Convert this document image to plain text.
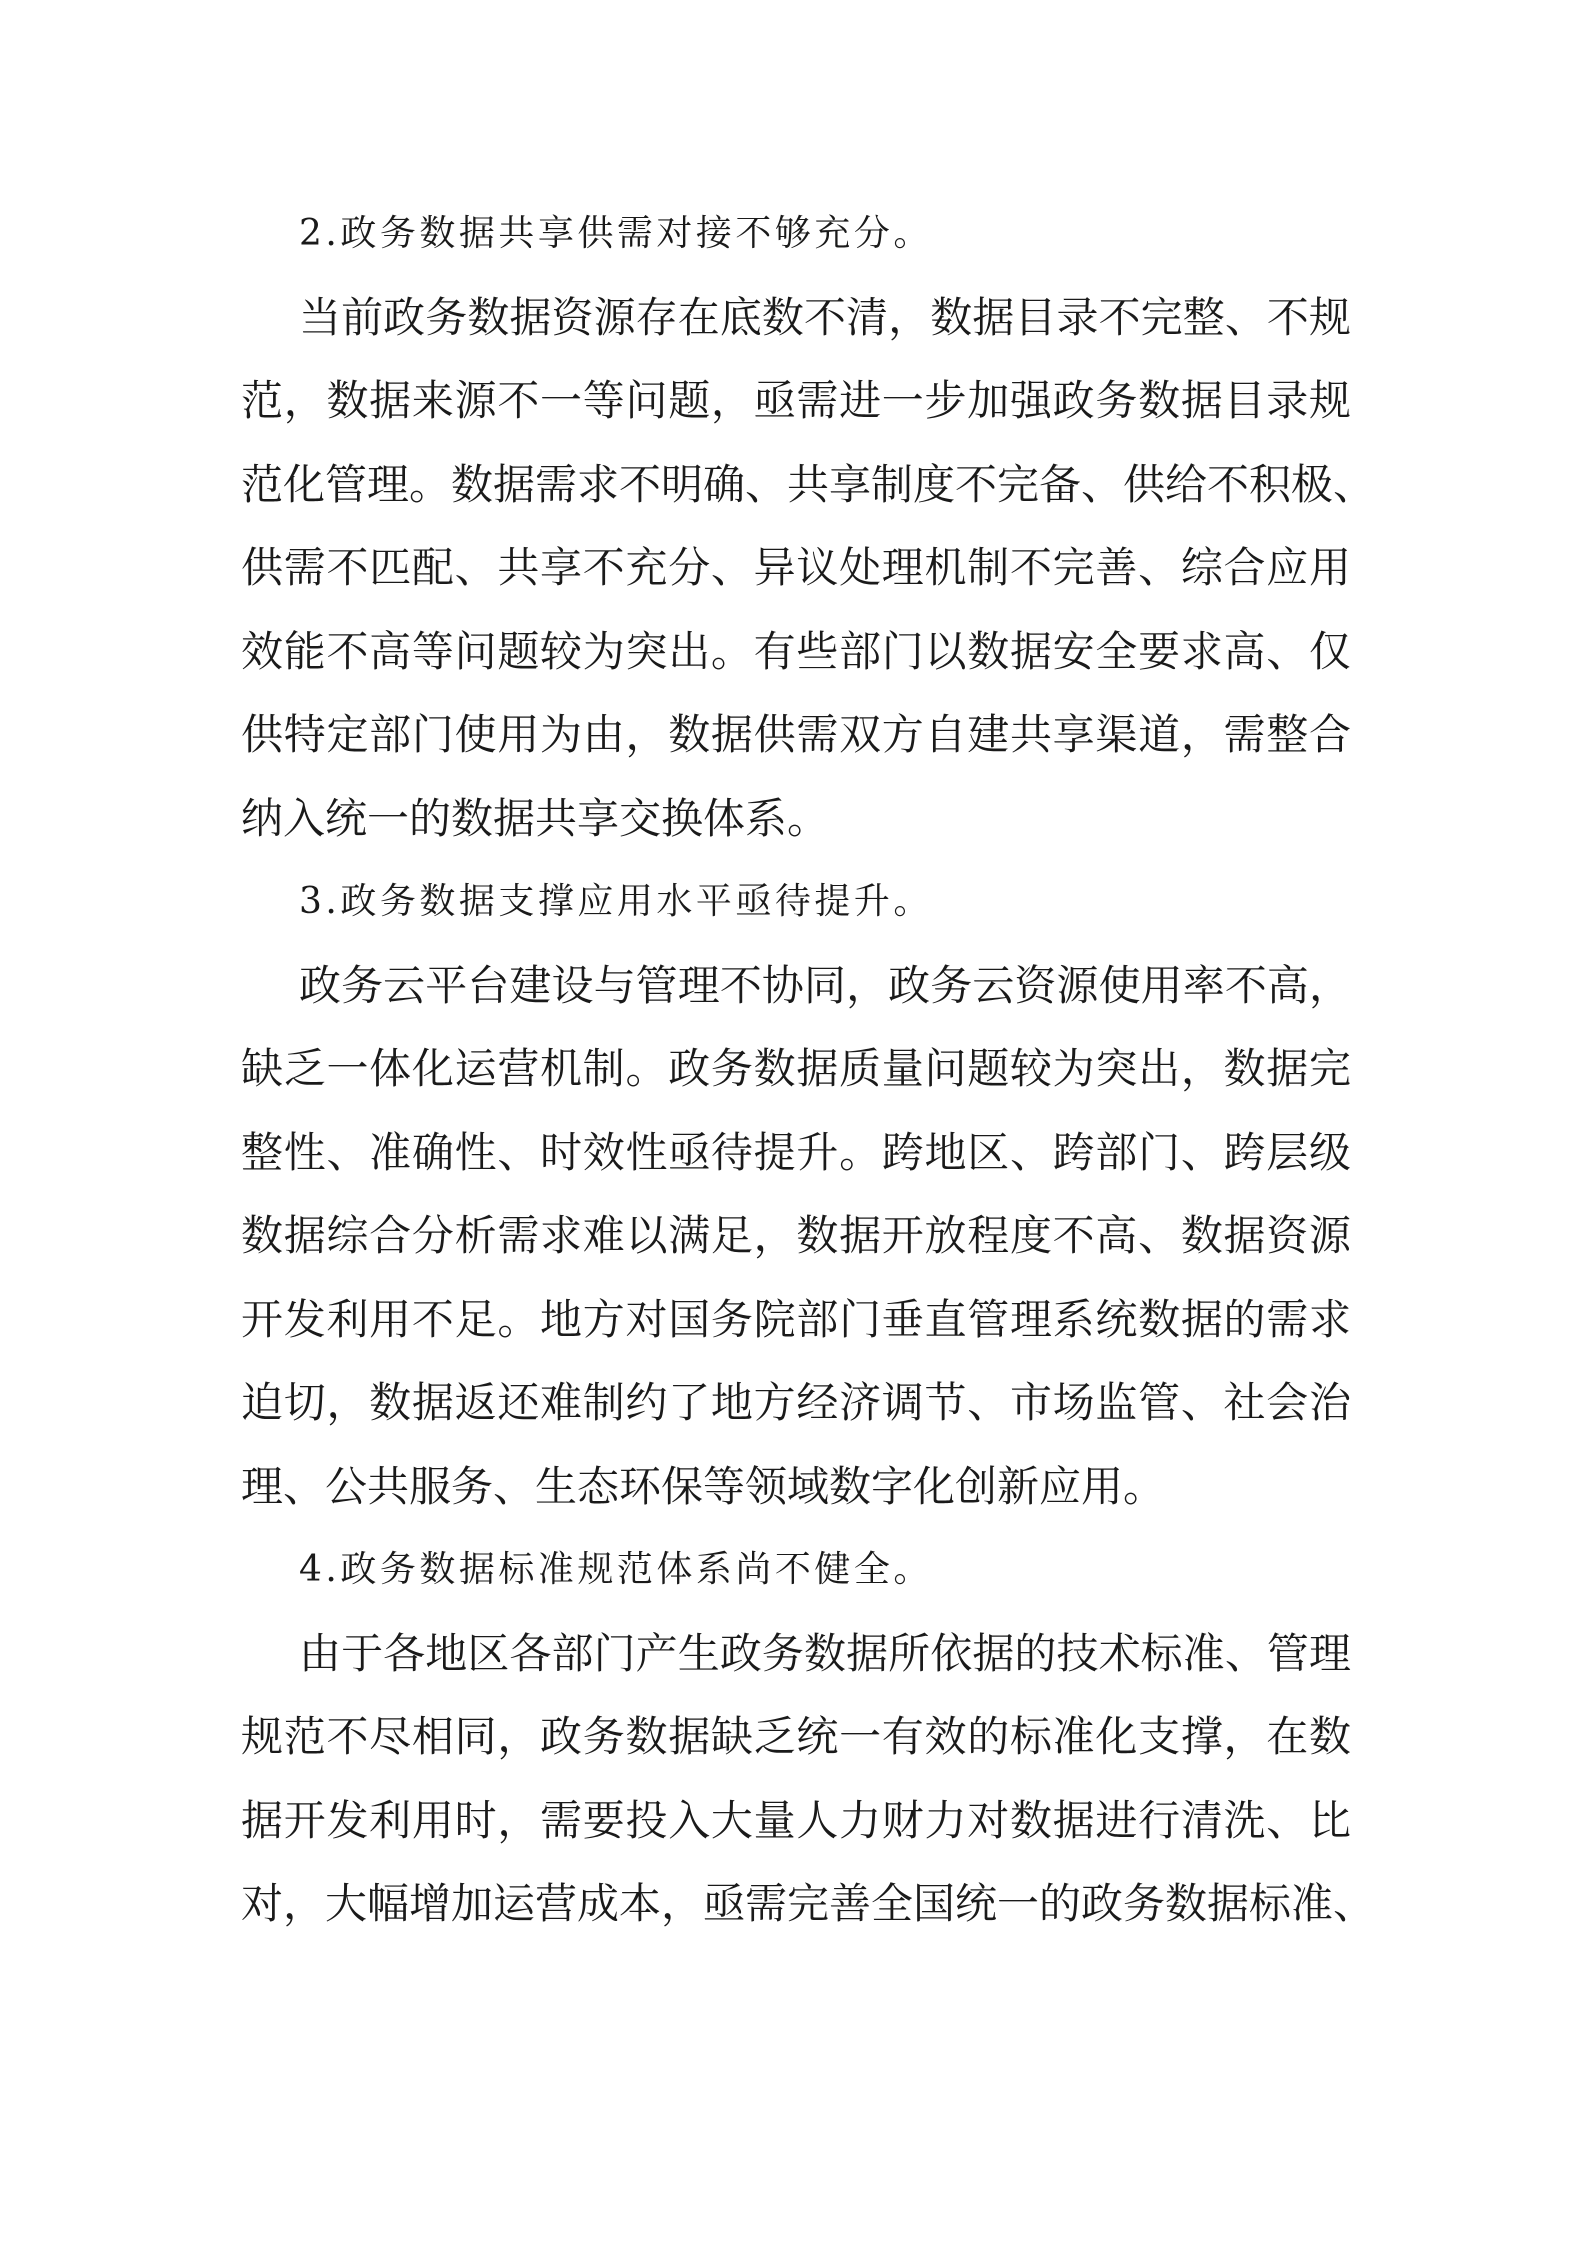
2.政务数据共享供需对接不够充分。
当前政务数据资源存在底数不清，数据目录不完整、不规
范，数据来源不一等问题，亟需进一步加强政务数据目录规
范化管理。数据需求不明确、共享制度不完备、供给不积极、
供需不匹配、共享不充分、异议处理机制不完善、综合应用
效能不高等问题较为突出。有些部门以数据安全要求高、仅
供特定部门使用为由，数据供需双方自建共享渠道，需整合
纳入统一的数据共享交换体系。
3.政务数据支撑应用水平亟待提升。
政务云平台建设与管理不协同，政务云资源使用率不高，
缺乏一体化运营机制。政务数据质量问题较为突出，数据完
整性、准确性、时效性亟待提升。跨地区、跨部门、跨层级
数据综合分析需求难以满足，数据开放程度不高、数据资源
开发利用不足。地方对国务院部门垂直管理系统数据的需求
迫切，数据返还难制约了地方经济调节、市场监管、社会治
理、公共服务、生态环保等领域数字化创新应用。
4.政务数据标准规范体系尚不健全。
由于各地区各部门产生政务数据所依据的技术标准、管理
规范不尽相同，政务数据缺乏统一有效的标准化支撑，在数
据开发利用时，需要投入大量人力财力对数据进行清洗、比
对，大幅增加运营成本，亟需完善全国统一的政务数据标准、
